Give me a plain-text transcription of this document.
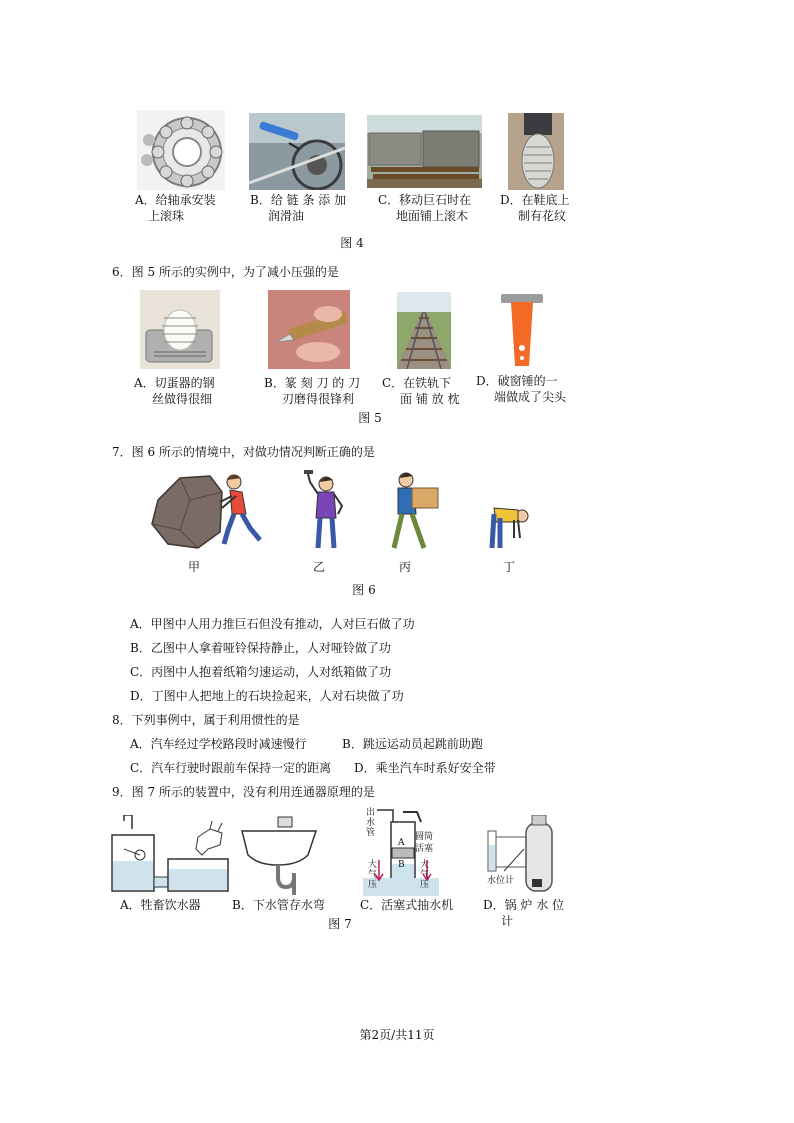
A．给轴承安装
上滚珠
B．给 链 条 添 加
润滑油
C．移动巨石时在
地面铺上滚木
D．在鞋底上
制有花纹
图 4
6．图 5 所示的实例中，为了减小压强的是
A．切蛋器的钢
丝做得很细
B．篆 刻 刀 的 刀
刃磨得很锋利
C．在铁轨下
面 铺 放 枕
D．破窗锤的一
端做成了尖头
图 5
7．图 6 所示的情境中，对做功情况判断正确的是
甲	乙	丙	丁
图 6
A．甲图中人用力推巨石但没有推动，人对巨石做了功
B．乙图中人拿着哑铃保持静止，人对哑铃做了功
C．丙图中人抱着纸箱匀速运动，人对纸箱做了功
D．丁图中人把地上的石块捡起来，人对石块做了功
8．下列事例中，属于利用惯性的是
A．汽车经过学校路段时减速慢行	B．跳远运动员起跳前助跑
C．汽车行驶时跟前车保持一定的距离 D．乘坐汽车时系好安全带
9．图 7 所示的装置中，没有利用连通器原理的是
出水管	圆筒
活塞
A
B
大气压
大气压	水位计
A．牲畜饮水器	B．下水管存水弯	C．活塞式抽水机 D．锅 炉 水 位
计
图 7
第2页/共11页
